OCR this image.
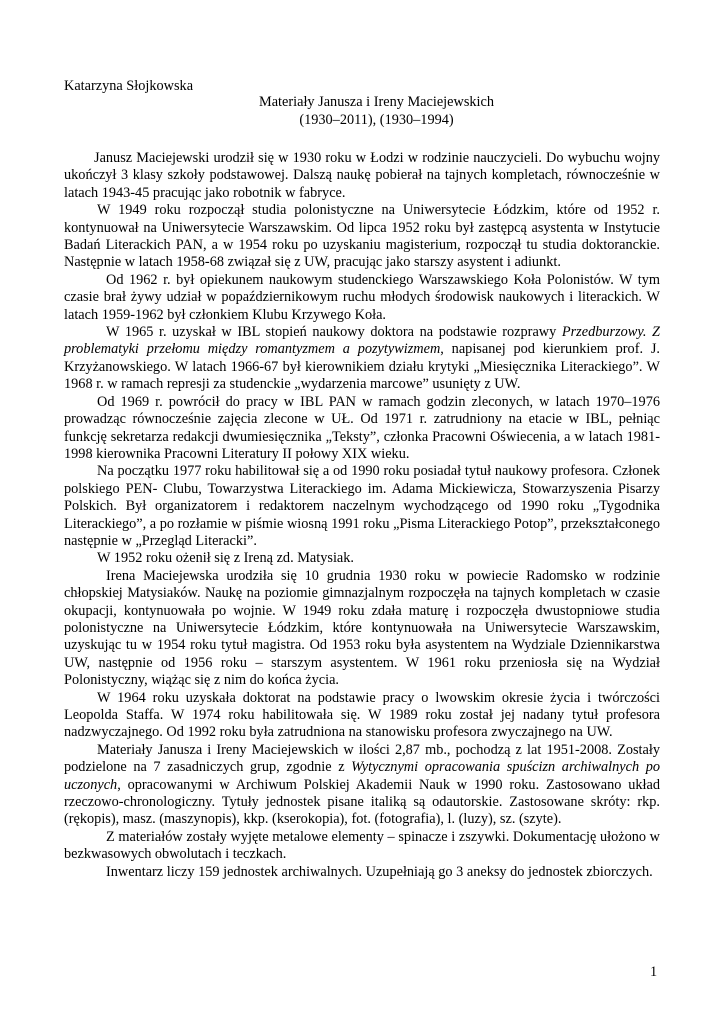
Katarzyna Słojkowska
Materiały Janusza i Ireny Maciejewskich
(1930–2011), (1930–1994)

Janusz Maciejewski urodził się w 1930 roku w Łodzi w rodzinie nauczycieli. Do wybuchu wojny ukończył 3 klasy szkoły podstawowej. Dalszą naukę pobierał na tajnych kompletach, równocześnie w latach 1943-45 pracując jako robotnik w fabryce.

W 1949 roku rozpoczął studia polonistyczne na Uniwersytecie Łódzkim, które od 1952 r. kontynuował na Uniwersytecie Warszawskim. Od lipca 1952 roku był zastępcą asystenta w Instytucie Badań Literackich PAN, a w 1954 roku po uzyskaniu magisterium, rozpoczął tu studia doktoranckie. Następnie w latach 1958-68 związał się z UW, pracując jako starszy asystent i adiunkt.

Od 1962 r. był opiekunem naukowym studenckiego Warszawskiego Koła Polonistów. W tym czasie brał żywy udział w popaździernikowym ruchu młodych środowisk naukowych i literackich. W latach 1959-1962 był członkiem Klubu Krzywego Koła.

W 1965 r. uzyskał w IBL stopień naukowy doktora na podstawie rozprawy Przedburzowy. Z problematyki przełomu między romantyzmem a pozytywizmem, napisanej pod kierunkiem prof. J. Krzyżanowskiego. W latach 1966-67 był kierownikiem działu krytyki „Miesięcznika Literackiego”. W 1968 r. w ramach represji za studenckie „wydarzenia marcowe” usunięty z UW.

Od 1969 r. powrócił do pracy w IBL PAN w ramach godzin zleconych, w latach 1970–1976 prowadząc równocześnie zajęcia zlecone w UŁ. Od 1971 r. zatrudniony na etacie w IBL, pełniąc funkcję sekretarza redakcji dwumiesięcznika „Teksty”, członka Pracowni Oświecenia, a w latach 1981-1998 kierownika Pracowni Literatury II połowy XIX wieku.

Na początku 1977 roku habilitował się a od 1990 roku posiadał tytuł naukowy profesora. Członek polskiego PEN- Clubu, Towarzystwa Literackiego im. Adama Mickiewicza, Stowarzyszenia Pisarzy Polskich. Był organizatorem i redaktorem naczelnym wychodzącego od 1990 roku „Tygodnika Literackiego”, a po rozłamie w piśmie wiosną 1991 roku „Pisma Literackiego Potop”, przekształconego następnie w „Przegląd Literacki”.

W 1952 roku ożenił się z Ireną zd. Matysiak.

Irena Maciejewska urodziła się 10 grudnia 1930 roku w powiecie Radomsko w rodzinie chłopskiej Matysiaków. Naukę na poziomie gimnazjalnym rozpoczęła na tajnych kompletach w czasie okupacji, kontynuowała po wojnie. W 1949 roku zdała maturę i rozpoczęła dwustopniowe studia polonistyczne na Uniwersytecie Łódzkim, które kontynuowała na Uniwersytecie Warszawskim, uzyskując tu w 1954 roku tytuł magistra. Od 1953 roku była asystentem na Wydziale Dziennikarstwa UW, następnie od 1956 roku – starszym asystentem. W 1961 roku przeniosła się na Wydział Polonistyczny, wiążąc się z nim do końca życia.

W 1964 roku uzyskała doktorat na podstawie pracy o lwowskim okresie życia i twórczości Leopolda Staffa. W 1974 roku habilitowała się. W 1989 roku został jej nadany tytuł profesora nadzwyczajnego. Od 1992 roku była zatrudniona na stanowisku profesora zwyczajnego na UW.

Materiały Janusza i Ireny Maciejewskich w ilości 2,87 mb., pochodzą z lat 1951-2008. Zostały podzielone na 7 zasadniczych grup, zgodnie z Wytycznymi opracowania spuścizn archiwalnych po uczonych, opracowanymi w Archiwum Polskiej Akademii Nauk w 1990 roku. Zastosowano układ rzeczowo-chronologiczny. Tytuły jednostek pisane italiką są odautorskie. Zastosowane skróty: rkp. (rękopis), masz. (maszynopis), kkp. (kserokopia), fot. (fotografia), l. (luzy), sz. (szyte).

Z materiałów zostały wyjęte metalowe elementy – spinacze i zszywki. Dokumentację ułożono w bezkwasowych obwolutach i teczkach.

Inwentarz liczy 159 jednostek archiwalnych. Uzupełniają go 3 aneksy do jednostek zbiorczych.

1
